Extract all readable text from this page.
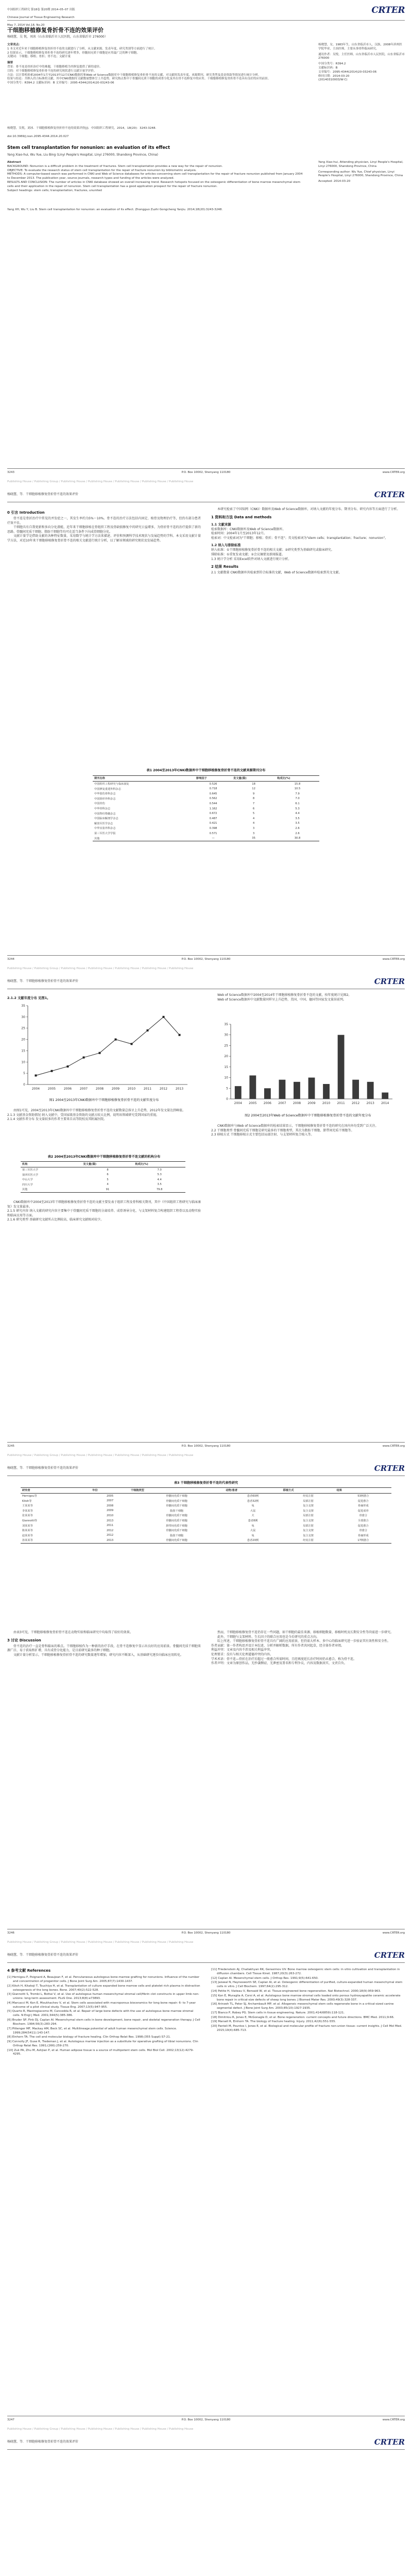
中国组织工程研究 第18卷 第20期 2014–05–07 出版

Chinese Journal of Tissue Engineering Research

May 7, 2014 Vol.18, No.20

CRTER
干细胞移植修复骨折骨不连的效果评价
杨晓慧，吴 悦，刘冰（山东省临沂市人民医院，山东省临沂市 276000）
文章亮点：
1 本文对近年来干细胞移植修复骨折骨不连的文献进行了分析，从文献来源、发表年度、研究类别等方面进行了统计。
2 结果显示，干细胞移植修复骨折骨不连的研究逐年增多，骨髓间充质干细胞是应用最广泛的种子细胞。
关键词：干细胞；移植；骨折；骨不连；文献计量
摘要
背景：骨不连是骨折治疗中的难题，干细胞移植为其修复提供了新的途径。
目的：对干细胞移植修复骨折骨不连的研究现状进行文献计量学评价。
方法：以计算机检索2004年1月至2013年12月CNKI数据库和Web of Science数据库中干细胞移植修复骨折骨不连的文献，对文献的发表年度、来源期刊、研究类型及基金资助等情况进行统计分析。
结果与结论：共纳入符合标准的文献，其中CNKI数据库文献数量整体呈上升趋势，研究热点集中于骨髓间充质干细胞的成骨分化及其在骨不连修复中的应用。干细胞移植修复骨折骨不连具有良好的应用前景。
中国分类号：R394.2 文献标识码：B 文章编号：2095-4344(2014)20-03243-06
杨晓慧，女，1983年生，山东省临沂市人，汉族，2008年滨州医学院毕业，主治医师，主要从事骨科临床研究。
通讯作者：吴悦，主任医师，山东省临沂市人民医院，山东省临沂市 276000
中国分类号：R394.2
文献标识码：B
文章编号：2095-4344(2014)20-03243-06
修回日期：2014-03-20
(20140310003/W·C)
杨晓慧，吴悦，刘冰．干细胞移植修复骨折骨不连的效果评价[J]．中国组织工程研究，2014，18(20)：3243-3248.
doi:10.3969/j.issn.2095-4344.2014.20.027
Stem cell transplantation for nonunion: an evaluation of its effect
Yang Xiao-hui, Wu Yue, Liu Bing (Linyi People's Hospital, Linyi 276000, Shandong Province, China)
Abstract
BACKGROUND: Nonunion is a difficult problem in the treatment of fractures. Stem cell transplantation provides a new way for the repair of nonunion.
OBJECTIVE: To evaluate the research status of stem cell transplantation for the repair of fracture nonunion by bibliometric analysis.
METHODS: A computer-based search was performed in CNKI and Web of Science databases for articles concerning stem cell transplantation for the repair of fracture nonunion published from January 2004 to December 2013. The publication year, source journals, research types and funding of the articles were analyzed.
RESULTS AND CONCLUSION: The number of articles in CNKI database showed an overall increasing trend. Research hotspots focused on the osteogenic differentiation of bone marrow mesenchymal stem cells and their application in the repair of nonunion. Stem cell transplantation has a good application prospect for the repair of fracture nonunion.
Subject headings: stem cells; transplantation; fractures, ununited
Yang Xiao-hui, Attending physician, Linyi People's Hospital, Linyi 276000, Shandong Province, China
Corresponding author: Wu Yue, Chief physician, Linyi People's Hospital, Linyi 276000, Shandong Province, China
Accepted: 2014-03-20
Yang XH, Wu Y, Liu B. Stem cell transplantation for nonunion: an evaluation of its effect. Zhongguo Zuzhi Gongcheng Yanjiu. 2014;18(20):3243-3248.
3243	P.O. Box 10002, Shenyang 110180	www.CRTER.org
Publishing House / Publishing Group / Publishing House / Publishing House / Publishing House / Publishing House / Publishing House
杨晓慧，等．干细胞移植修复骨折骨不连的效果评价	CRTER
0 引言 Introduction

骨不连是骨折治疗中常见的并发症之一，其发生率约为5%～10%。骨不连的治疗方法包括内固定、植骨及物理治疗等，但仍有部分患者疗效不佳。

干细胞具有自我更新和多向分化潜能，近年来干细胞移植在骨组织工程及骨缺损修复中的研究日益增多，为骨折骨不连的治疗提供了新的思路。骨髓间充质干细胞、脂肪干细胞等均可在适当条件下向成骨细胞分化。

文献计量学是借助文献的各种特征数量，采用数学与统计学方法来描述、评价和预测科学技术现状与发展趋势的学科。本文采用文献计量学方法，对近10年来干细胞移植修复骨折骨不连的相关文献进行统计分析，以了解该领域的研究现状及发展趋势。

本研究检索了中国知网（CNKI）数据库及Web of Science数据库，对纳入文献的年度分布、期刊分布、研究内容等方面进行了分析。

1 资料和方法 Data and methods
1.1 文献来源

检索数据库：CNKI数据库及Web of Science数据库。

检索时间：2004年1月至2013年12月。

检索词：中文检索词为"干细胞；移植；骨折；骨不连"；英文检索词为"stem cells；transplantation；fracture；nonunion"。

1.2 纳入与排除标准

纳入标准：①干细胞移植修复骨折骨不连的相关文献；②研究类型为基础研究或临床研究。

排除标准：①重复发表文献；②会议摘要及新闻报道。

1.3 统计学分析 采用Excel软件对纳入文献进行统计分析。

2 结果 Results

2.1 文献数量 CNKI数据库共检索到符合标准的文献，Web of Science数据库检索到英文文献。

表1 2004至2013年CNKI数据库中干细胞移植修复骨折骨不连的文献来源期刊分布
期刊名称	影响因子	发文量(篇)	构成比(%)
中国组织工程研究与临床康复	0.526	18	15.8
中国修复重建外科杂志	0.718	12	10.5
中华创伤骨科杂志	0.645	9	7.9
中国矫形外科杂志	0.562	8	7.0
中国骨伤	0.544	7	6.1
中华骨科杂志	1.162	6	5.3
中国脊柱脊髓杂志	0.672	5	4.4
中国临床解剖学杂志	0.487	4	3.5
解放军医学杂志	0.421	4	3.5
中华实验外科杂志	0.398	3	2.6
第三军医大学学报	0.571	3	2.6
其他	—	35	30.8
3244	P.O. Box 10002, Shenyang 110180	www.CRTER.org
Publishing House / Publishing Group / Publishing House / Publishing House / Publishing House / Publishing House / Publishing House
杨晓慧，等．干细胞移植修复骨折骨不连的效果评价	CRTER
2.1.2 文献年度分布 见图1。
0
5
10
15
20
25
30
35
2004	2005	2006	2007	2008	2009	2010	2011	2012	2013
图1 2004至2013年CNKI数据库中干细胞移植修复骨折骨不连的文献年度分布

由图1可见，2004至2013年CNKI数据库中干细胞移植修复骨折骨不连的文献数量总体呈上升趋势，2012年发文量达到峰值。

2.1.3 文献基金资助情况 纳入文献中，受国家级基金资助的文献占较大比例，说明该领域研究受到国家的重视。

2.1.4 文献作者分布 发文量较多的作者主要来自高等院校及其附属医院。

表2 2004至2013年CNKI数据库中干细胞移植修复骨折骨不连文献的机构分布
机构	发文量(篇)	构成比(%)
第三军医大学	8	7.0
第四军医大学	6	5.3
中山大学	5	4.4
四川大学	4	3.5
其他	91	79.8

CNKI数据库中2004至2013年干细胞移植修复骨折骨不连的文献主要发表于组织工程及骨科相关期刊，其中《中国组织工程研究与临床康复》发文量最多。

2.1.5 研究内容 纳入文献的研究内容主要集中于骨髓间充质干细胞的分离培养、成骨诱导分化、与支架材料复合构建组织工程骨以及动物实验和临床应用等方面。

2.1.6 研究类型 基础研究文献所占比例较高，临床研究文献相对较少。

Web of Science数据库中2004至2014年干细胞移植修复骨折骨不连的文献，按年度统计见图2。

Web of Science数据库中文献数量同样呈上升趋势，美国、中国、德国等国家发文量居前列。

0
5
10
15
20
25
30
35
2004 2005 2006 2007 2008 2009 2010 2011 2012 2013 2014
图2 2004至2013年Web of Science数据库中干细胞移植修复骨折骨不连的文献年度分布

CNKI数据库与Web of Science数据库的检索结果显示，干细胞移植修复骨折骨不连的研究在国内外均受到广泛关注。

2.2 干细胞类型 骨髓间充质干细胞是研究最多的干细胞类型，其次为脂肪干细胞、脐带间充质干细胞等。

2.3 移植方式 干细胞移植方式主要包括局部注射、与支架材料复合植入等。

3245	P.O. Box 10002, Shenyang 110180	www.CRTER.org
Publishing House / Publishing Group / Publishing House / Publishing House / Publishing House / Publishing House / Publishing House
杨晓慧，等．干细胞移植修复骨折骨不连的效果评价	CRTER
表3 干细胞移植修复骨折骨不连的代表性研究
研究者	年份	干细胞类型	动物/患者	移植方式	结果
Hernigou等	2005	骨髓间充质干细胞	患者60例	经皮注射	53例愈合
Kitoh等	2007	骨髓间充质干细胞	患者32例	局部注射	促进愈合
王某某等	2008	骨髓间充质干细胞	兔	复合支架	骨痂形成
李某某等	2009	脂肪干细胞	大鼠	复合支架	促进成骨
张某某等	2010	骨髓间充质干细胞	犬	局部注射	骨愈合
Giannotti等	2013	骨髓间充质干细胞	患者8例	复合支架	全部愈合
刘某某等	2011	脐带间充质干细胞	兔	局部注射	促进愈合
陈某某等	2012	骨髓间充质干细胞	大鼠	复合支架	骨愈合
赵某某等	2012	脂肪干细胞	兔	复合支架	骨痂形成
孙某某等	2013	骨髓间充质干细胞	患者20例	经皮注射	17例愈合

由表3可见，干细胞移植修复骨折骨不连在动物实验和临床研究中均取得了较好的效果。

3 讨论 Discussion

骨不连的治疗一直是骨科临床的难点。干细胞移植作为一种新的治疗手段，在骨不连修复中显示出良好的应用前景。骨髓间充质干细胞来源广泛、易于获取和扩增，具有成骨分化能力，是目前研究最多的种子细胞。

文献计量分析显示，干细胞移植修复骨折骨不连的研究数量逐年增加，研究内容不断深入，从基础研究逐步向临床应用转化。

然而，干细胞移植修复骨不连仍存在一些问题，如干细胞的最佳来源、移植细胞数量、移植时机及长期安全性等尚需进一步研究。

此外，干细胞与支架材料、生长因子的联合应用也是今后研究的重点方向。

综上所述，干细胞移植修复骨折骨不连具有广阔的应用前景，但仍需大样本、多中心的临床研究进一步验证其有效性和安全性。

作者贡献：第一作者构思并设计本综述，分析并解析数据，所有作者共同起草，经全体作者审阅。

利益冲突：文章及内容不涉及相关利益冲突。

伦理要求：没有与相关伦理道德冲突的内容。

学术术语：骨不连—骨折在治疗后超过一般愈合所需时间，且经再度延长治疗时间仍未愈合，称为骨不连。

作者声明：文章为原创作品，无抄袭剽窃，无泄密及署名和专利争议，内容及数据真实，文责自负。

3246	P.O. Box 10002, Shenyang 110180	www.CRTER.org
Publishing House / Publishing Group / Publishing House / Publishing House / Publishing House / Publishing House / Publishing House
杨晓慧，等．干细胞移植修复骨折骨不连的效果评价	CRTER
4 参考文献 References
[1] Hernigou P, Poignard A, Beaujean F, et al. Percutaneous autologous bone-marrow grafting for nonunions. Influence of the number and concentration of progenitor cells. J Bone Joint Surg Am. 2005;87(7):1430-1437.
[2] Kitoh H, Kitakoji T, Tsuchiya H, et al. Transplantation of culture expanded bone marrow cells and platelet rich plasma in distraction osteogenesis of the long bones. Bone. 2007;40(2):522-528.
[3] Giannotti S, Trombi L, Bottai V, et al. Use of autologous human mesenchymal stromal cell/fibrin clot constructs in upper limb non-unions: long-term assessment. PLoS One. 2013;8(8):e73893.
[4] Marcacci M, Kon E, Moukhachev V, et al. Stem cells associated with macroporous bioceramics for long bone repair: 6- to 7-year outcome of a pilot clinical study. Tissue Eng. 2007;13(5):947-955.
[5] Quarto R, Mastrogiacomo M, Cancedda R, et al. Repair of large bone defects with the use of autologous bone marrow stromal cells. N Engl J Med. 2001;344(5):385-386.
[6] Bruder SP, Fink DJ, Caplan AI. Mesenchymal stem cells in bone development, bone repair, and skeletal regeneration therapy. J Cell Biochem. 1994;56(3):283-294.
[7] Pittenger MF, Mackay AM, Beck SC, et al. Multilineage potential of adult human mesenchymal stem cells. Science. 1999;284(5411):143-147.
[8] Einhorn TA. The cell and molecular biology of fracture healing. Clin Orthop Relat Res. 1998;(355 Suppl):S7-21.
[9] Connolly JF, Guse R, Tiedeman J, et al. Autologous marrow injection as a substitute for operative grafting of tibial nonunions. Clin Orthop Relat Res. 1991;(266):259-270.
[10] Zuk PA, Zhu M, Ashjian P, et al. Human adipose tissue is a source of multipotent stem cells. Mol Biol Cell. 2002;13(12):4279-4295.
[11] Friedenstein AJ, Chailakhyan RK, Gerasimov UV. Bone marrow osteogenic stem cells: in vitro cultivation and transplantation in diffusion chambers. Cell Tissue Kinet. 1987;20(3):263-272.
[12] Caplan AI. Mesenchymal stem cells. J Orthop Res. 1991;9(5):641-650.
[13] Jaiswal N, Haynesworth SE, Caplan AI, et al. Osteogenic differentiation of purified, culture-expanded human mesenchymal stem cells in vitro. J Cell Biochem. 1997;64(2):295-312.
[14] Petite H, Viateau V, Bensaid W, et al. Tissue-engineered bone regeneration. Nat Biotechnol. 2000;18(9):959-963.
[15] Kon E, Muraglia A, Corsi A, et al. Autologous bone marrow stromal cells loaded onto porous hydroxyapatite ceramic accelerate bone repair in critical-size defects of sheep long bones. J Biomed Mater Res. 2000;49(3):328-337.
[16] Arinzeh TL, Peter SJ, Archambault MP, et al. Allogeneic mesenchymal stem cells regenerate bone in a critical-sized canine segmental defect. J Bone Joint Surg Am. 2003;85(10):1927-1935.
[17] Bianco P, Robey PG. Stem cells in tissue engineering. Nature. 2001;414(6859):118-121.
[18] Dimitriou R, Jones E, McGonagle D, et al. Bone regeneration: current concepts and future directions. BMC Med. 2011;9:66.
[19] Marsell R, Einhorn TA. The biology of fracture healing. Injury. 2011;42(6):551-555.
[20] Panteli M, Pountos I, Jones E, et al. Biological and molecular profile of fracture non-union tissue: current insights. J Cell Mol Med. 2015;19(4):685-713.
3247	P.O. Box 10002, Shenyang 110180	www.CRTER.org
Publishing House / Publishing Group / Publishing House / Publishing House / Publishing House / Publishing House / Publishing House
杨晓慧，等．干细胞移植修复骨折骨不连的效果评价	CRTER
